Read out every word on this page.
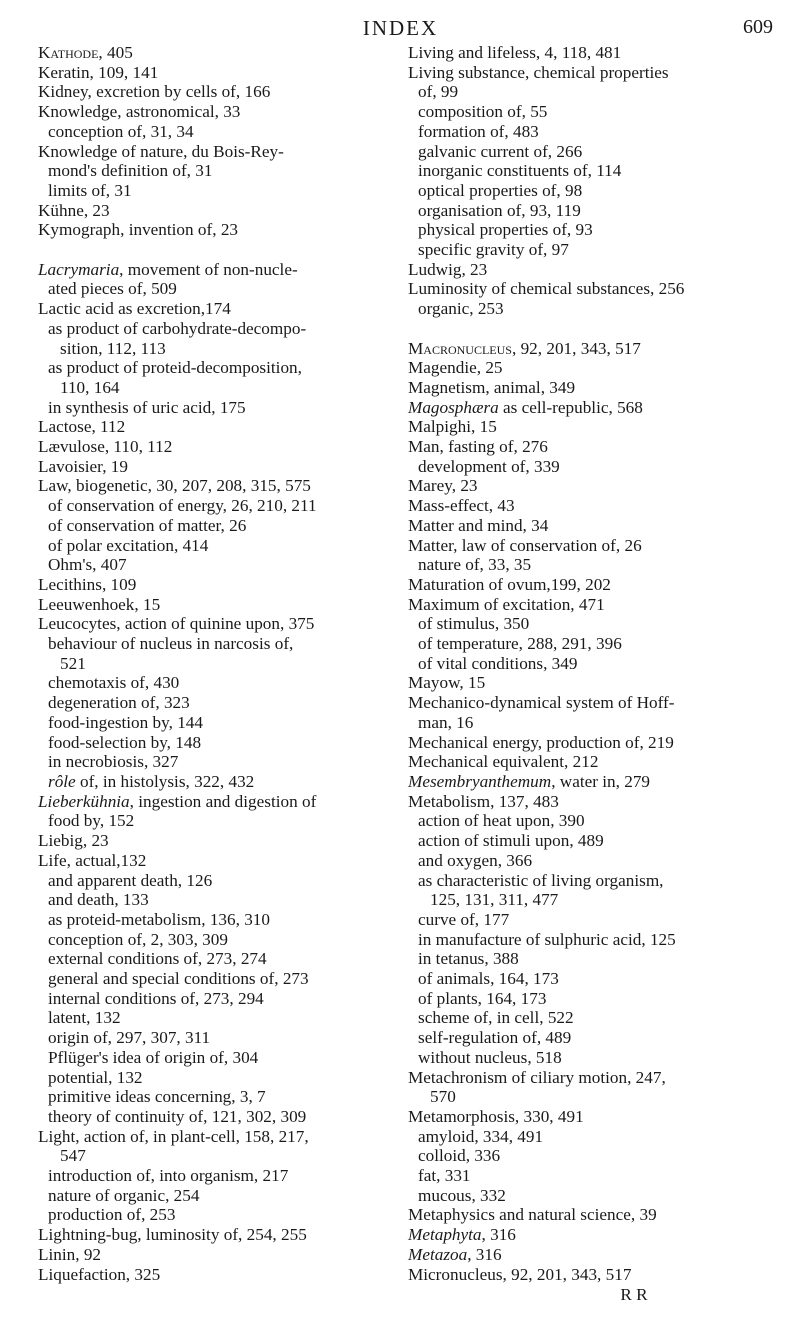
INDEX	609
Kathode, 405
Keratin, 109, 141
Kidney, excretion by cells of, 166
Knowledge, astronomical, 33
conception of, 31, 34
Knowledge of nature, du Bois-Rey-
mond's definition of, 31
limits of, 31
Kühne, 23
Kymograph, invention of, 23
Lacrymaria, movement of non-nucle-
ated pieces of, 509
Lactic acid as excretion,174
as product of carbohydrate-decompo-
sition, 112, 113
as product of proteid-decomposition,
110, 164
in synthesis of uric acid, 175
Lactose, 112
Lævulose, 110, 112
Lavoisier, 19
Law, biogenetic, 30, 207, 208, 315, 575
of conservation of energy, 26, 210, 211
of conservation of matter, 26
of polar excitation, 414
Ohm's, 407
Lecithins, 109
Leeuwenhoek, 15
Leucocytes, action of quinine upon, 375
behaviour of nucleus in narcosis of,
521
chemotaxis of, 430
degeneration of, 323
food-ingestion by, 144
food-selection by, 148
in necrobiosis, 327
rôle of, in histolysis, 322, 432
Lieberkühnia, ingestion and digestion of
food by, 152
Liebig, 23
Life, actual,132
and apparent death, 126
and death, 133
as proteid-metabolism, 136, 310
conception of, 2, 303, 309
external conditions of, 273, 274
general and special conditions of, 273
internal conditions of, 273, 294
latent, 132
origin of, 297, 307, 311
Pflüger's idea of origin of, 304
potential, 132
primitive ideas concerning, 3, 7
theory of continuity of, 121, 302, 309
Light, action of, in plant-cell, 158, 217,
547
introduction of, into organism, 217
nature of organic, 254
production of, 253
Lightning-bug, luminosity of, 254, 255
Linin, 92
Liquefaction, 325
Living and lifeless, 4, 118, 481
Living substance, chemical properties
of, 99
composition of, 55
formation of, 483
galvanic current of, 266
inorganic constituents of, 114
optical properties of, 98
organisation of, 93, 119
physical properties of, 93
specific gravity of, 97
Ludwig, 23
Luminosity of chemical substances, 256
organic, 253
Macronucleus, 92, 201, 343, 517
Magendie, 25
Magnetism, animal, 349
Magosphæra as cell-republic, 568
Malpighi, 15
Man, fasting of, 276
development of, 339
Marey, 23
Mass-effect, 43
Matter and mind, 34
Matter, law of conservation of, 26
nature of, 33, 35
Maturation of ovum,199, 202
Maximum of excitation, 471
of stimulus, 350
of temperature, 288, 291, 396
of vital conditions, 349
Mayow, 15
Mechanico-dynamical system of Hoff-
man, 16
Mechanical energy, production of, 219
Mechanical equivalent, 212
Mesembryanthemum, water in, 279
Metabolism, 137, 483
action of heat upon, 390
action of stimuli upon, 489
and oxygen, 366
as characteristic of living organism,
125, 131, 311, 477
curve of, 177
in manufacture of sulphuric acid, 125
in tetanus, 388
of animals, 164, 173
of plants, 164, 173
scheme of, in cell, 522
self-regulation of, 489
without nucleus, 518
Metachronism of ciliary motion, 247,
570
Metamorphosis, 330, 491
amyloid, 334, 491
colloid, 336
fat, 331
mucous, 332
Metaphysics and natural science, 39
Metaphyta, 316
Metazoa, 316
Micronucleus, 92, 201, 343, 517
R R
